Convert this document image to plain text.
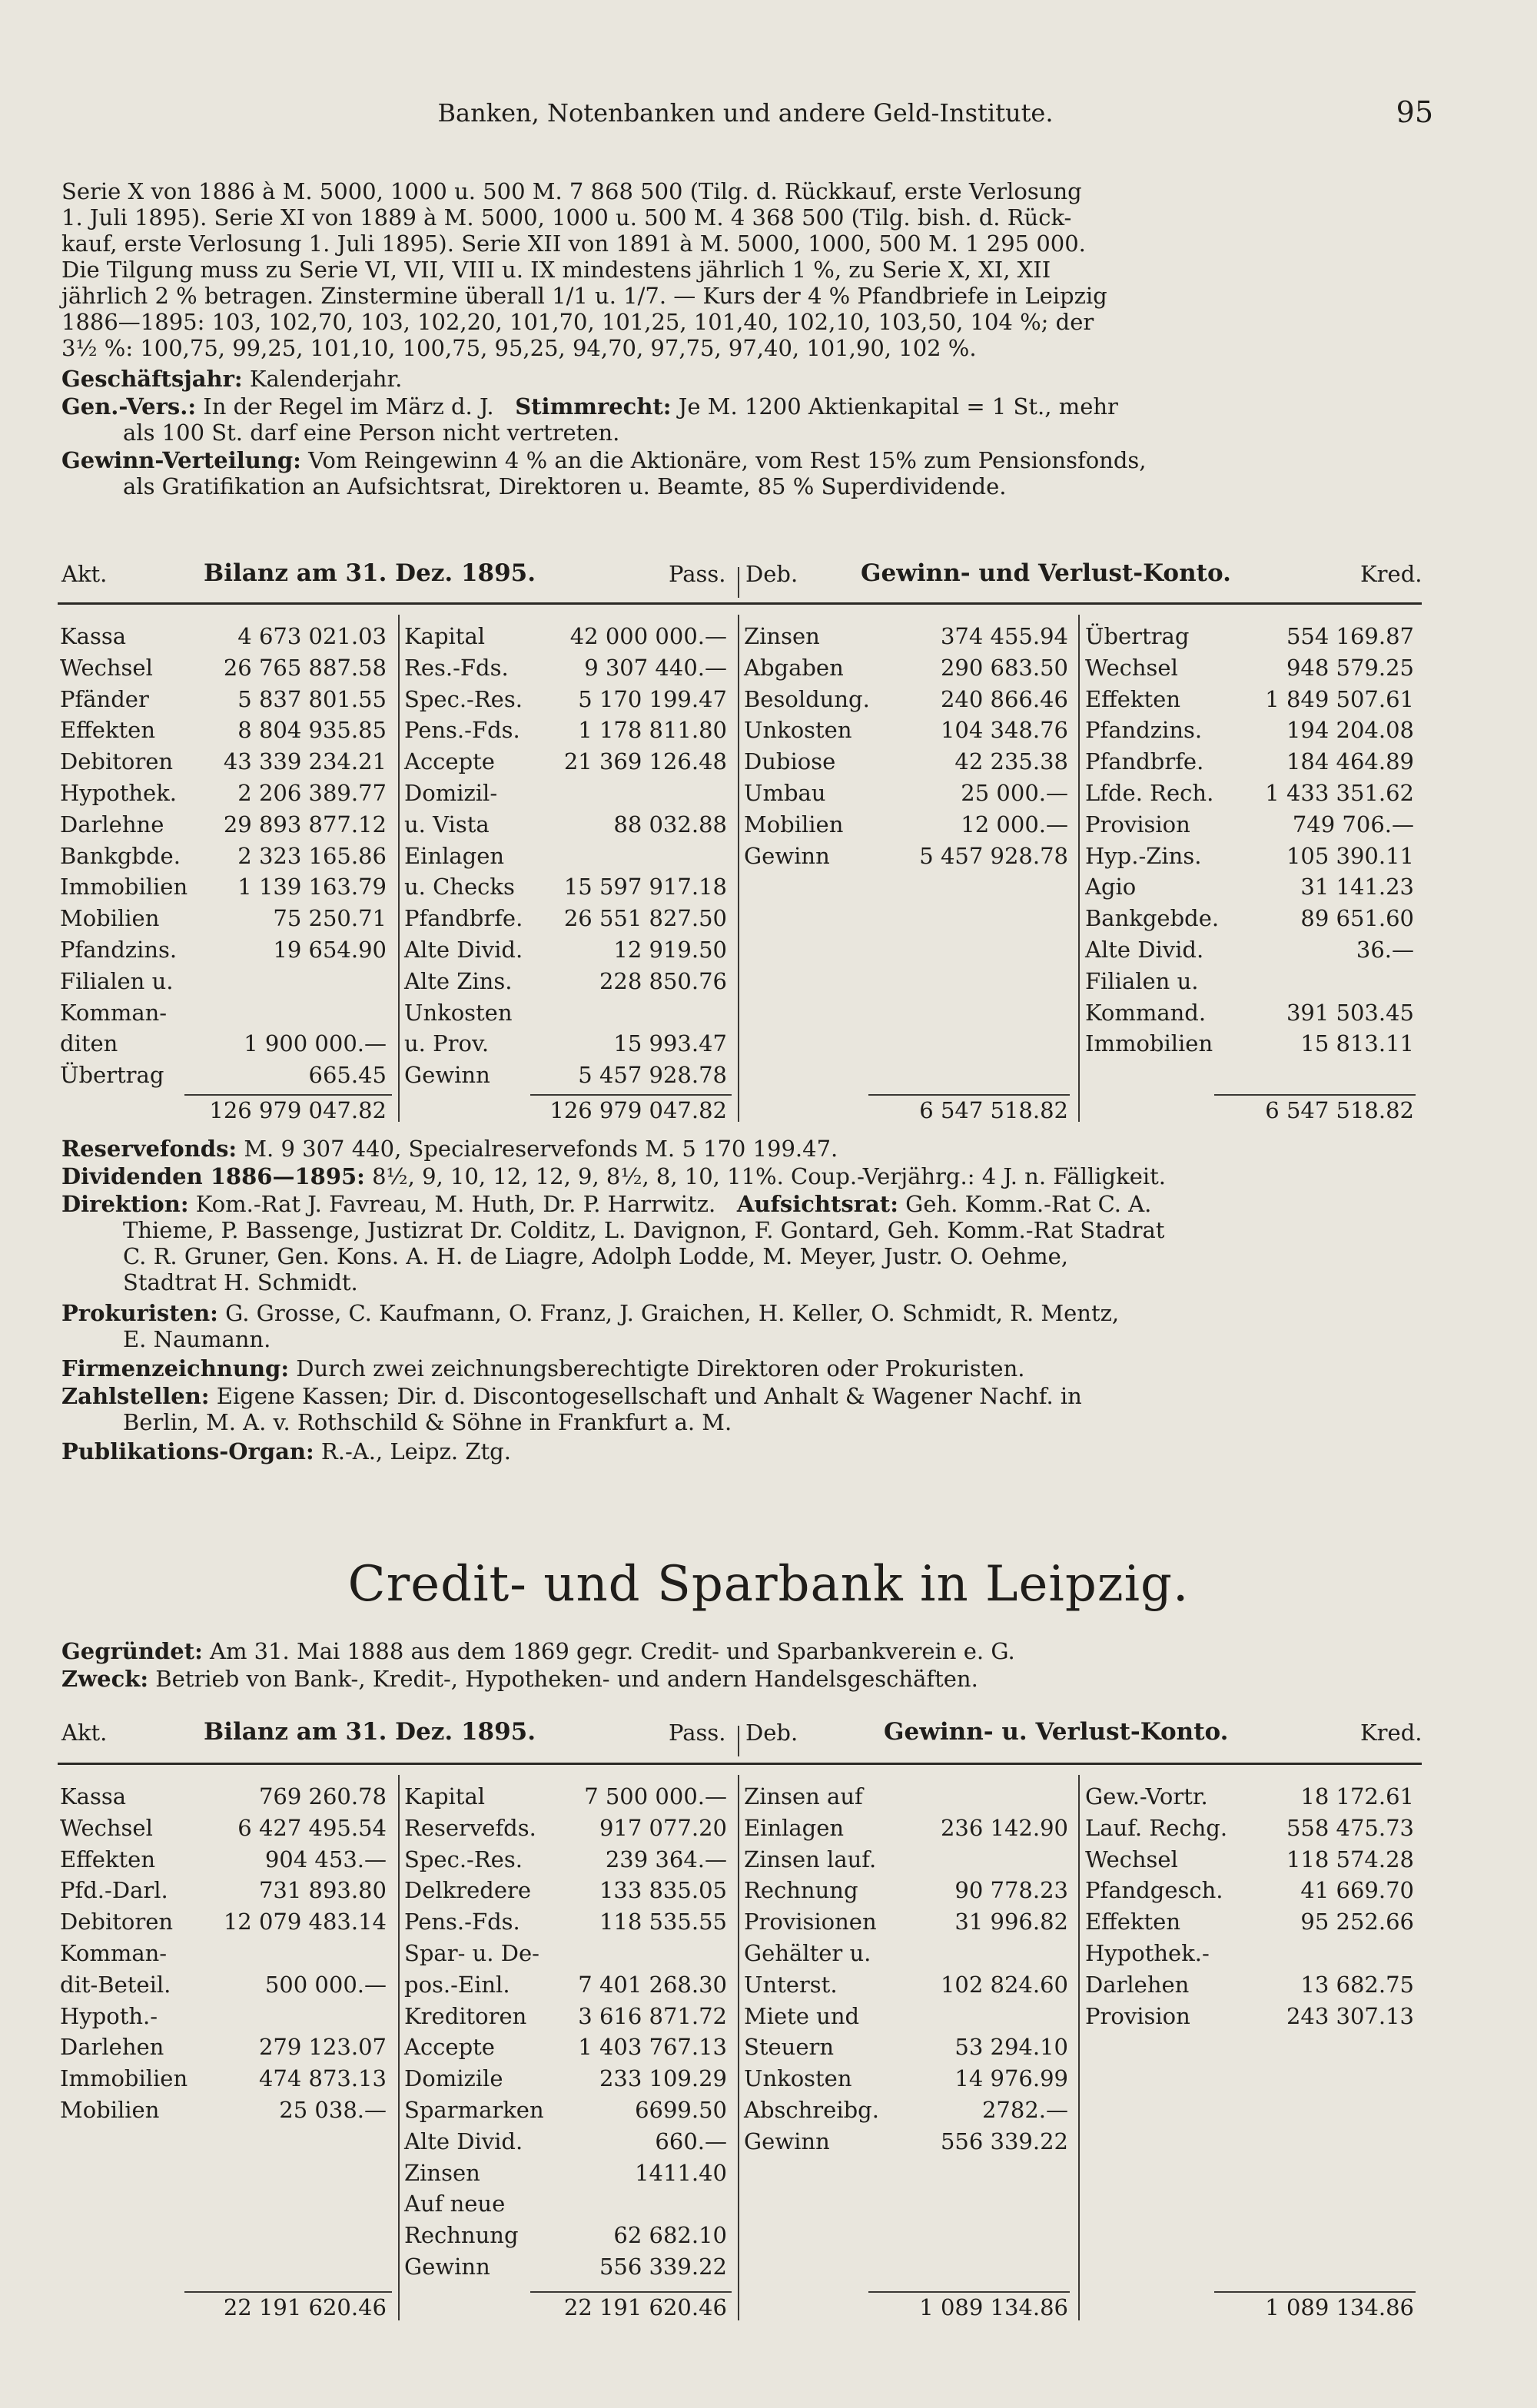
Banken, Notenbanken und andere Geld-Institute.	95
Serie X von 1886 à M. 5000, 1000 u. 500 M. 7 868 500 (Tilg. d. Rückkauf, erste Verlosung
1. Juli 1895). Serie XI von 1889 à M. 5000, 1000 u. 500 M. 4 368 500 (Tilg. bish. d. Rück-
kauf, erste Verlosung 1. Juli 1895). Serie XII von 1891 à M. 5000, 1000, 500 M. 1 295 000.
Die Tilgung muss zu Serie VI, VII, VIII u. IX mindestens jährlich 1 %, zu Serie X, XI, XII
jährlich 2 % betragen. Zinstermine überall 1/1 u. 1/7. — Kurs der 4 % Pfandbriefe in Leipzig
1886—1895: 103, 102,70, 103, 102,20, 101,70, 101,25, 101,40, 102,10, 103,50, 104 %; der
3½ %: 100,75, 99,25, 101,10, 100,75, 95,25, 94,70, 97,75, 97,40, 101,90, 102 %.
Geschäftsjahr: Kalenderjahr.
Gen.-Vers.: In der Regel im März d. J. Stimmrecht: Je M. 1200 Aktienkapital = 1 St., mehr
als 100 St. darf eine Person nicht vertreten.
Gewinn-Verteilung: Vom Reingewinn 4 % an die Aktionäre, vom Rest 15% zum Pensionsfonds,
als Gratifikation an Aufsichtsrat, Direktoren u. Beamte, 85 % Superdividende.
Akt.	Bilanz am 31. Dez. 1895.	Pass. Deb.	Gewinn- und Verlust-Konto.	Kred.
Kassa	4 673 021.03
Wechsel	26 765 887.58
Pfänder	5 837 801.55
Effekten	8 804 935.85
Debitoren 43 339 234.21
Hypothek.	2 206 389.77
Darlehne	29 893 877.12
Bankgbde.	2 323 165.86
Immobilien 1 139 163.79
Mobilien	75 250.71
Pfandzins.	19 654.90
Filialen u.
Komman-
diten	1 900 000.—
Übertrag	665.45
Kapital	42 000 000.—
Res.-Fds.	9 307 440.—
Spec.-Res. 5 170 199.47
Pens.-Fds.	1 178 811.80
Accepte	21 369 126.48
Domizil-
u. Vista	88 032.88
Einlagen
u. Checks 15 597 917.18
Pfandbrfe. 26 551 827.50
Alte Divid.	12 919.50
Alte Zins.	228 850.76
Unkosten
u. Prov.	15 993.47
Gewinn	5 457 928.78
Zinsen	374 455.94
Abgaben	290 683.50
Besoldung.	240 866.46
Unkosten	104 348.76
Dubiose	42 235.38
Umbau	25 000.—
Mobilien	12 000.—
Gewinn	5 457 928.78
Übertrag	554 169.87
Wechsel	948 579.25
Effekten	1 849 507.61
Pfandzins.	194 204.08
Pfandbrfe.	184 464.89
Lfde. Rech. 1 433 351.62
Provision	749 706.—
Hyp.-Zins.	105 390.11
Agio	31 141.23
Bankgebde.	89 651.60
Alte Divid.	36.—
Filialen u.
Kommand.	391 503.45
Immobilien	15 813.11
126 979 047.82	126 979 047.82	6 547 518.82	6 547 518.82
Reservefonds: M. 9 307 440, Specialreservefonds M. 5 170 199.47.
Dividenden 1886—1895: 8½, 9, 10, 12, 12, 9, 8½, 8, 10, 11%. Coup.-Verjährg.: 4 J. n. Fälligkeit.
Direktion: Kom.-Rat J. Favreau, M. Huth, Dr. P. Harrwitz. Aufsichtsrat: Geh. Komm.-Rat C. A.
Thieme, P. Bassenge, Justizrat Dr. Colditz, L. Davignon, F. Gontard, Geh. Komm.-Rat Stadrat
C. R. Gruner, Gen. Kons. A. H. de Liagre, Adolph Lodde, M. Meyer, Justr. O. Oehme,
Stadtrat H. Schmidt.
Prokuristen: G. Grosse, C. Kaufmann, O. Franz, J. Graichen, H. Keller, O. Schmidt, R. Mentz,
E. Naumann.
Firmenzeichnung: Durch zwei zeichnungsberechtigte Direktoren oder Prokuristen.
Zahlstellen: Eigene Kassen; Dir. d. Discontogesellschaft und Anhalt & Wagener Nachf. in
Berlin, M. A. v. Rothschild & Söhne in Frankfurt a. M.
Publikations-Organ: R.-A., Leipz. Ztg.
Credit- und Sparbank in Leipzig.
Gegründet: Am 31. Mai 1888 aus dem 1869 gegr. Credit- und Sparbankverein e. G.
Zweck: Betrieb von Bank-, Kredit-, Hypotheken- und andern Handelsgeschäften.
Akt.	Bilanz am 31. Dez. 1895.	Pass. Deb.	Gewinn- u. Verlust-Konto.	Kred.
Kassa	769 260.78
Wechsel	6 427 495.54
Effekten	904 453.—
Pfd.-Darl.	731 893.80
Debitoren 12 079 483.14
Komman-
dit-Beteil.	500 000.—
Hypoth.-
Darlehen	279 123.07
Immobilien	474 873.13
Mobilien	25 038.—
Kapital	7 500 000.—
Reservefds.	917 077.20
Spec.-Res.	239 364.—
Delkredere	133 835.05
Pens.-Fds.	118 535.55
Spar- u. De-
pos.-Einl.	7 401 268.30
Kreditoren 3 616 871.72
Accepte	1 403 767.13
Domizile	233 109.29
Sparmarken	6699.50
Alte Divid.	660.—
Zinsen	1411.40
Auf neue
Rechnung	62 682.10
Gewinn	556 339.22
Zinsen auf
Einlagen	236 142.90
Zinsen lauf.
Rechnung	90 778.23
Provisionen	31 996.82
Gehälter u.
Unterst.	102 824.60
Miete und
Steuern	53 294.10
Unkosten	14 976.99
Abschreibg.	2782.—
Gewinn	556 339.22
Gew.-Vortr.	18 172.61
Lauf. Rechg.	558 475.73
Wechsel	118 574.28
Pfandgesch.	41 669.70
Effekten	95 252.66
Hypothek.-
Darlehen	13 682.75
Provision	243 307.13
22 191 620.46	22 191 620.46	1 089 134.86	1 089 134.86
